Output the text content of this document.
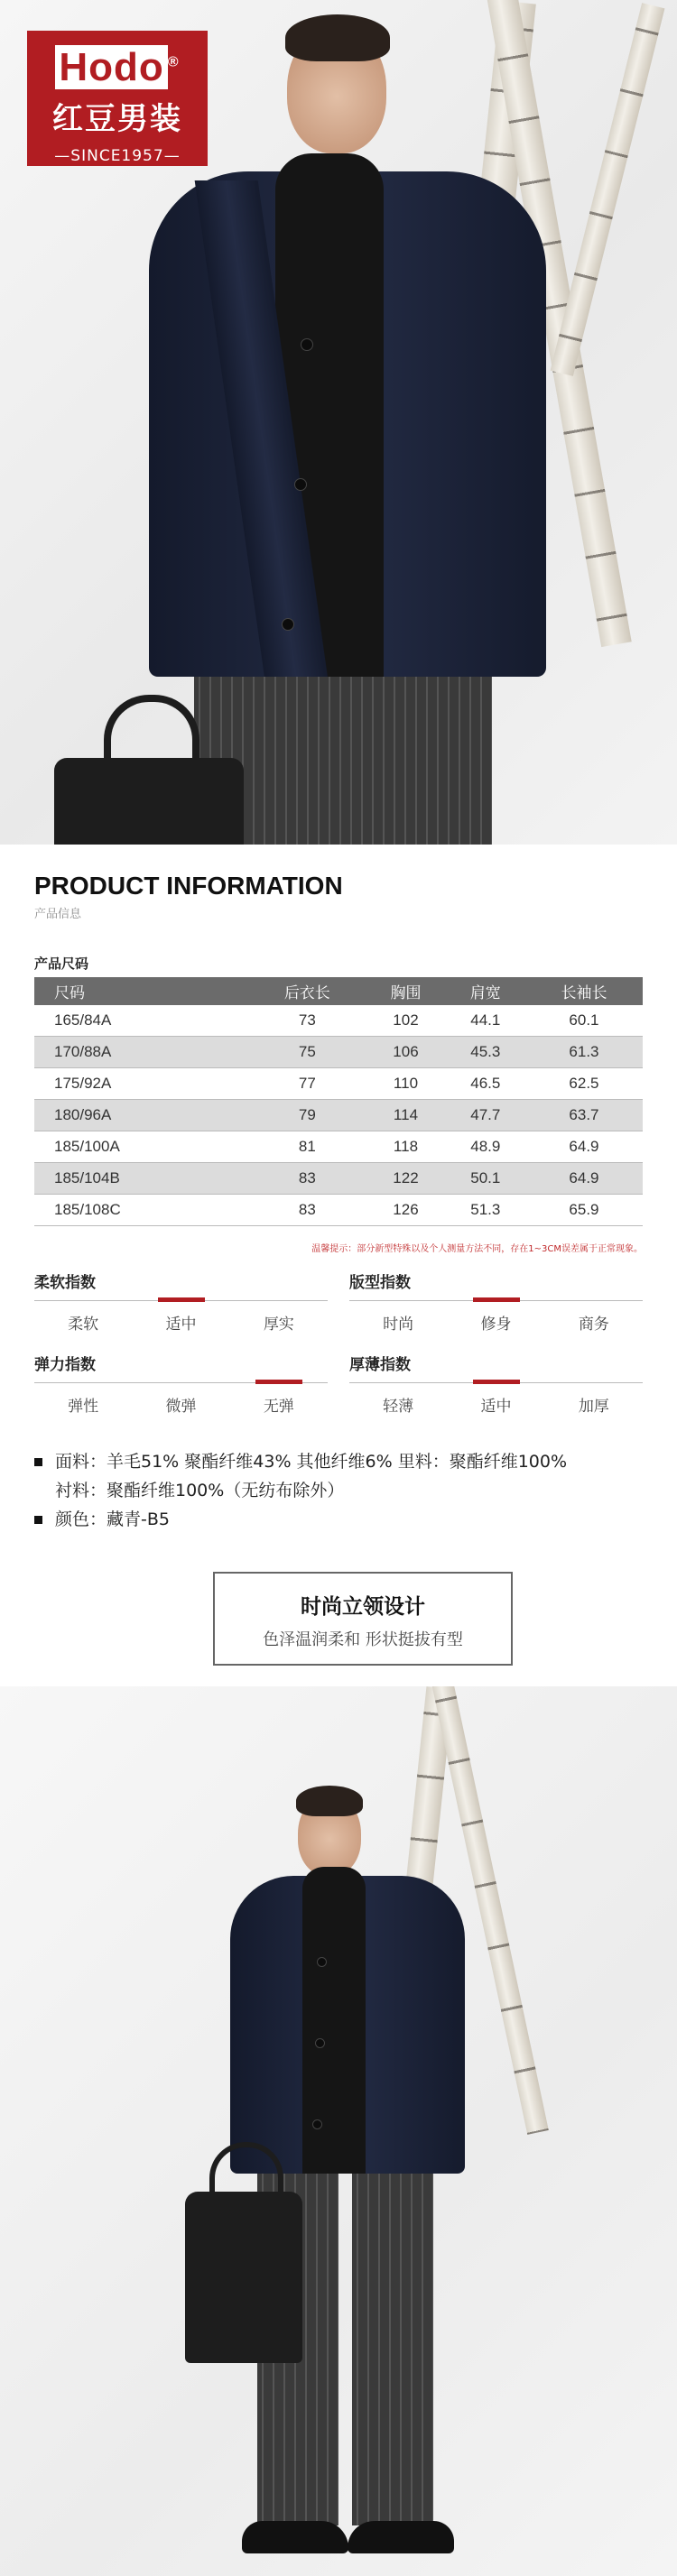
Hodo ®
红豆男装
—SINCE1957—
PRODUCT INFORMATION
产品信息
产品尺码
尺码	后衣长	胸围	肩宽	长袖长
165/84A	73	102	44.1	60.1
170/88A	75	106	45.3	61.3
175/92A	77	110	46.5	62.5
180/96A	79	114	47.7	63.7
185/100A	81	118	48.9	64.9
185/104B	83	122	50.1	64.9
185/108C	83	126	51.3	65.9
温馨提示：部分新型特殊以及个人测量方法不同，存在1~3CM误差属于正常现象。
柔软指数
柔软	适中	厚实
版型指数
时尚	修身	商务
弹力指数
弹性	微弹	无弹
厚薄指数
轻薄	适中	加厚
面料：羊毛51% 聚酯纤维43% 其他纤维6% 里料：聚酯纤维100%
衬料：聚酯纤维100%（无纺布除外）
颜色：藏青-B5
时尚立领设计
色泽温润柔和 形状挺拔有型
